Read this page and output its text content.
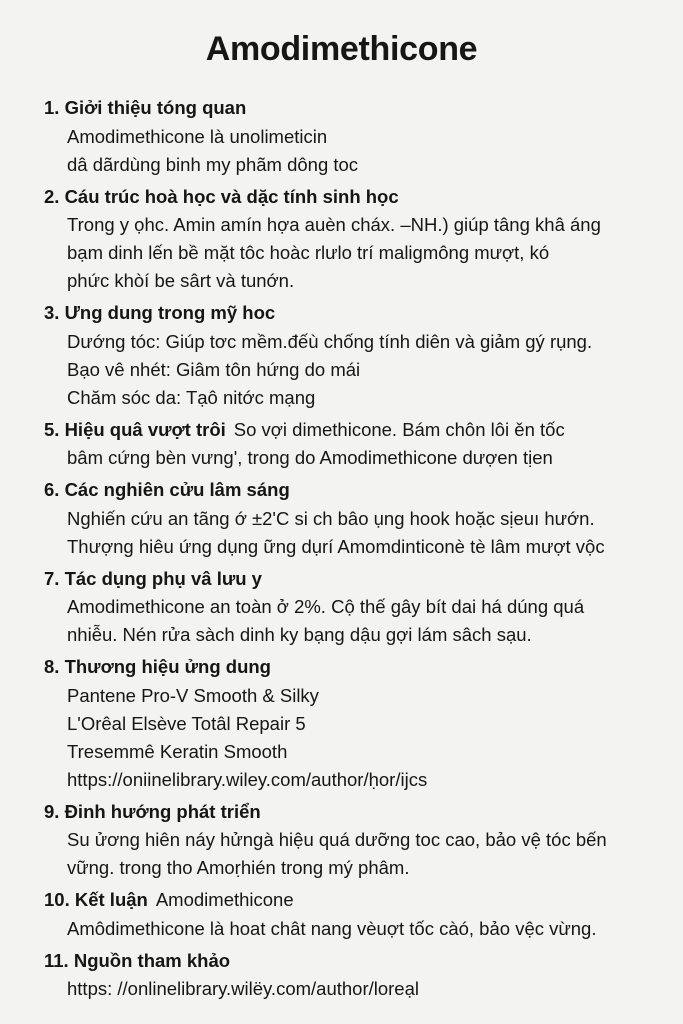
Amodimethicone
1. Giởi thiệu tóng quan
Amodimethicone là unolimeticin
dâ dãrdùng binh my phãm dông toc
2. Cáu trúc hoà học và dặc tính sinh học
Trong y ọhc. Amin amín hợa auèn cháx. –NH.) giúp tâng khâ áng
bạm dinh lến bề mặt tôc hoàc rlưlo trí maligmông mượt, kó
phức khòí be sârt và tunớn.
3. Ưng dung trong mỹ hoc
Dướng tóc: Giúp tơc mềm.đếù chống tính diên và giảm gý rụng.
Bạo vê nhét: Giâm tôn hứng do mái
Chăm sóc da: Tạô nitớc mạng
5. Hiệu quâ vượt trôi So vợi dimethicone. Bám chôn lôi ěn tốc
bâm cứng bèn vưng', trong do Amodimethicone dượen tịen
6. Các nghiên cửu lâm sáng
Nghiến cứu an tãng ớ ±2'C si ch bâo ụng hook hoặc sịeuı hướn.
Thượng hiêu ứng dụng ững dụrí Amomdinticonè tè lâm mượt vộc
7. Tác dụng phụ vâ lưu y
Amodimethicone an toàn ở 2%. Cộ thế gây bít dai há dúng quá
nhiễu. Nén rửa sàch dinh ky bạng dậu gợi lám sâch sạu.
8. Thương hiệu ửng dung
Pantene Pro-V Smooth & Silky
L'Orêal Elsève Totâl Repair 5
Tresemmê Keratin Smooth
https://oniinelibrary.wiley.com/author/ḥor/ijcs
9. Đinh hướng phát triển
Su ửơng hiên náy hửngà hiệu quá dưỡng toc cao, bảo vệ tóc bến
vững. trong tho Amoṛhién trong mý phâm.
10. Kết luận Amodimethicone
Amôdimethicone là hoat chât nang vèuợt tốc càó, bảo vệc vừng.
11. Nguồn tham khảo
https: //onlinelibrary.wilëy.com/author/loreạl
